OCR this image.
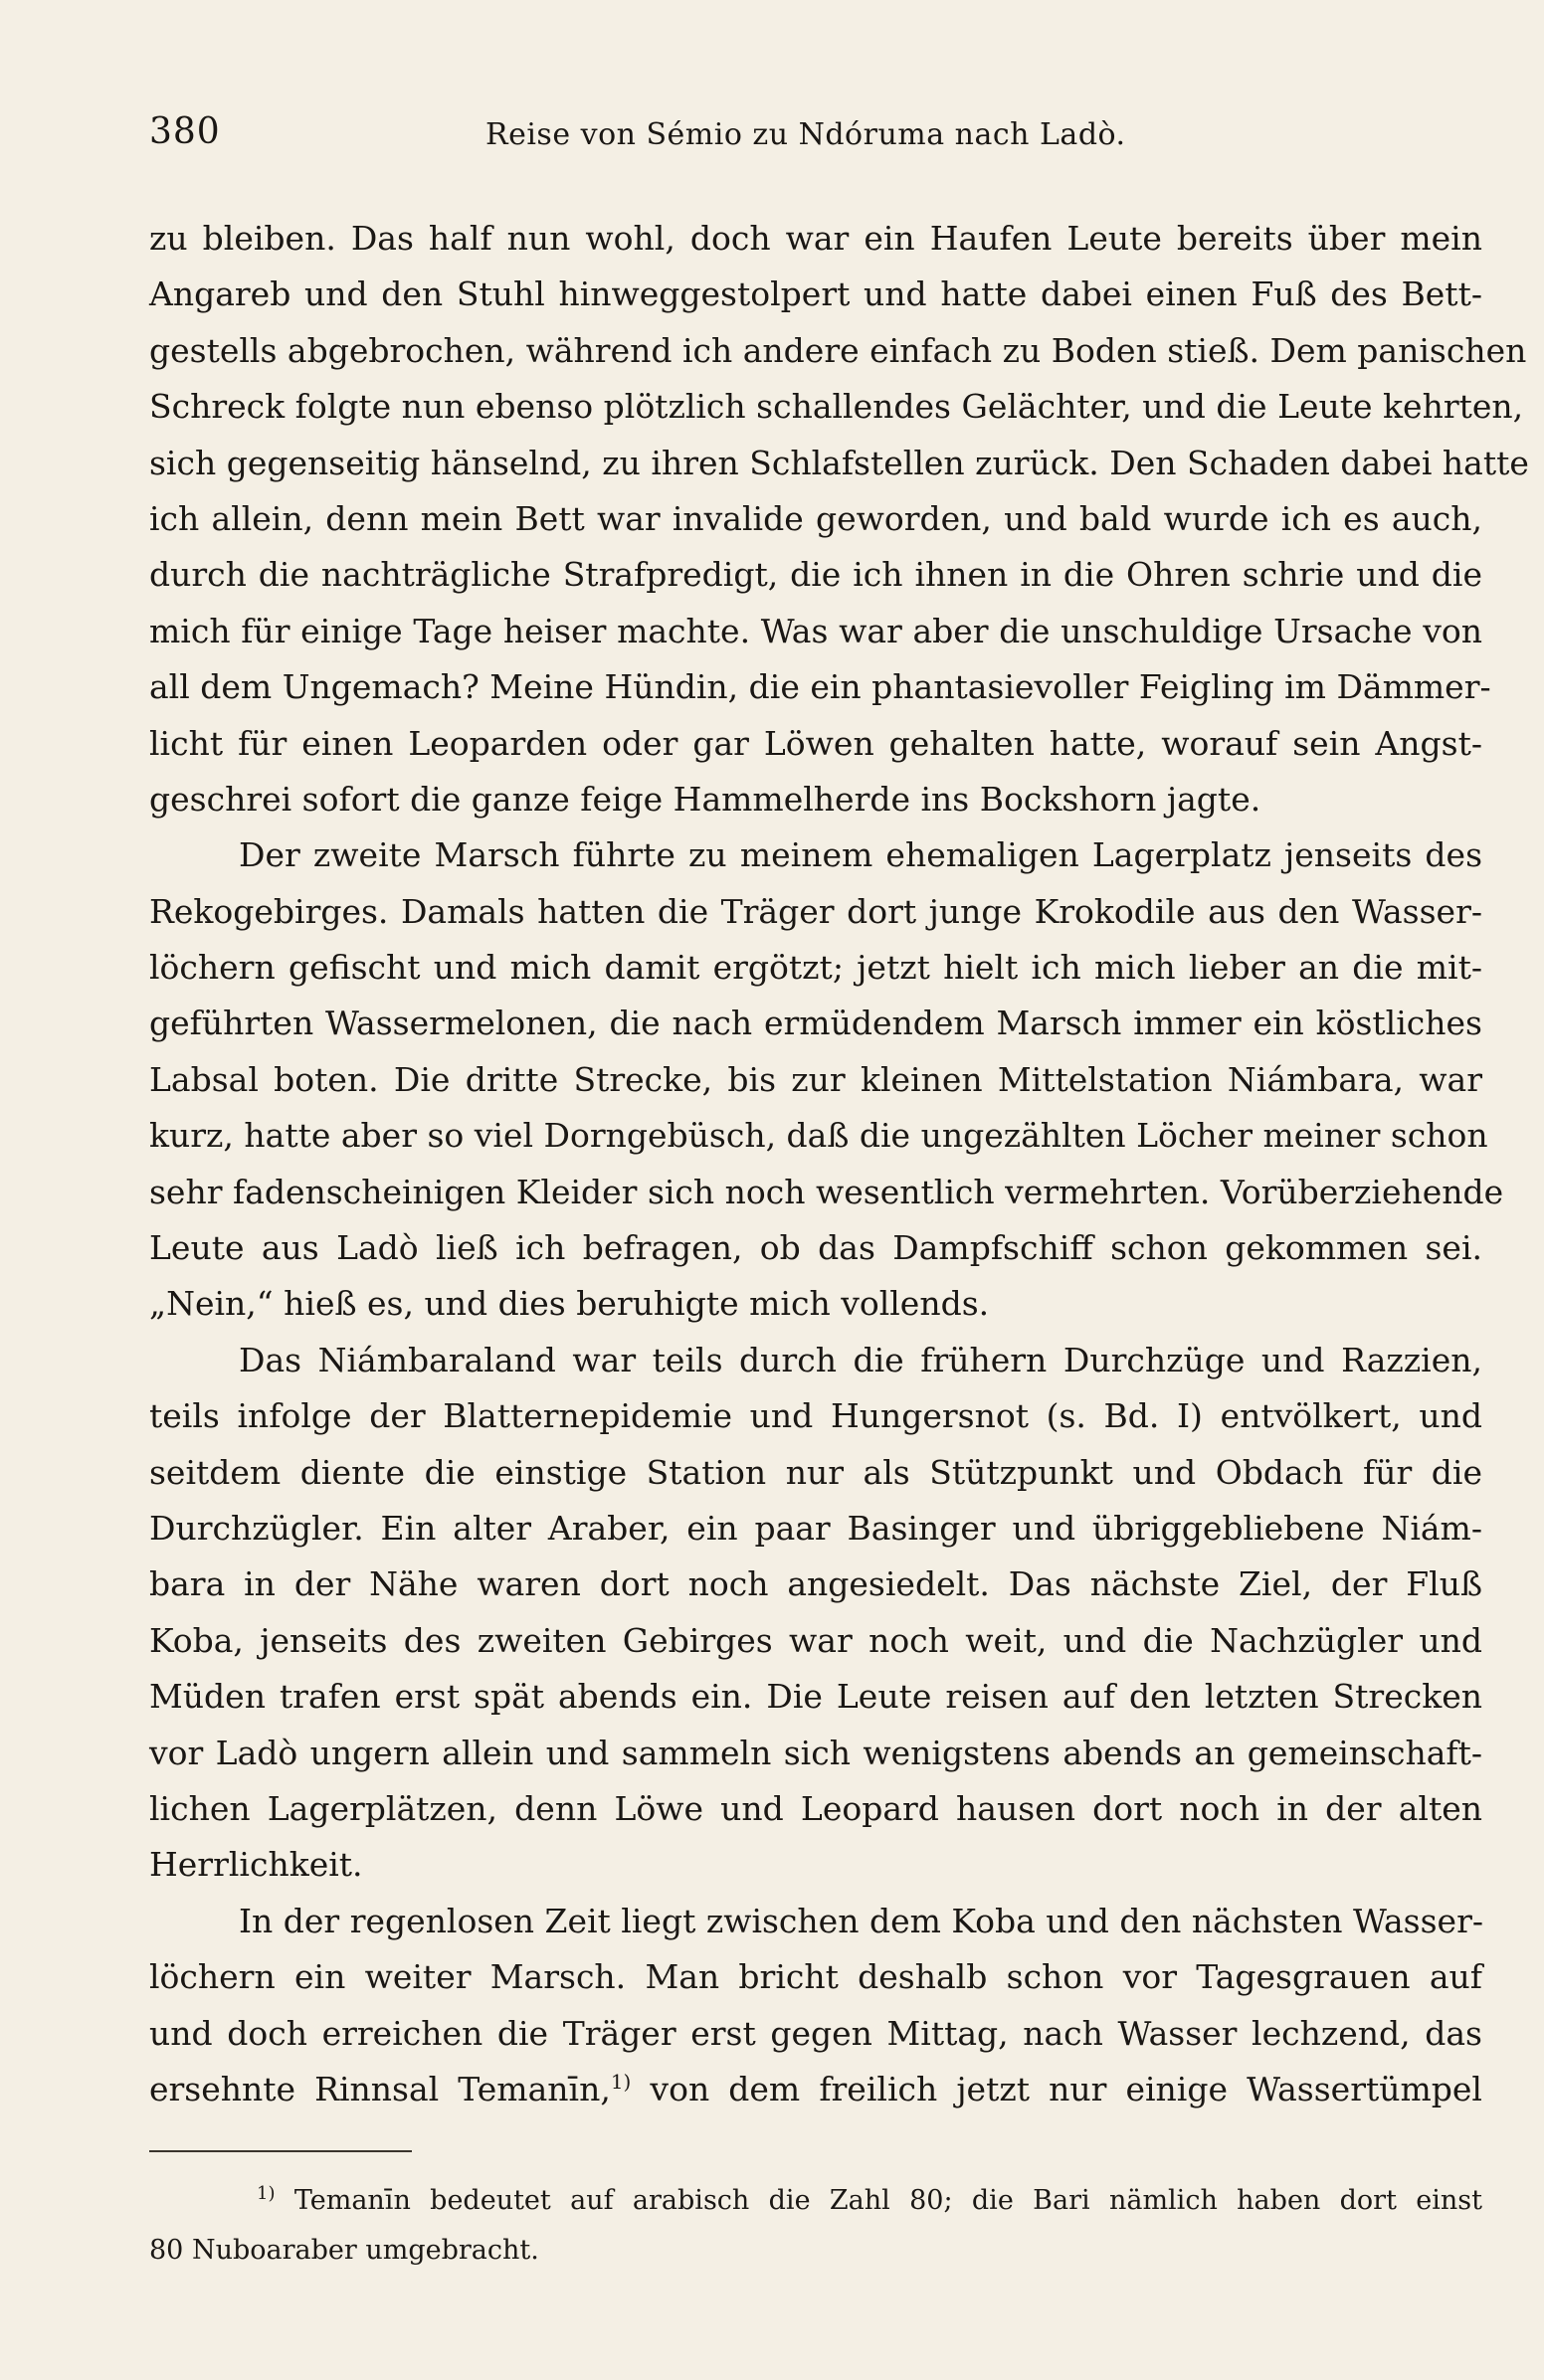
380	Reise von Sémio zu Ndóruma nach Ladò.
zu bleiben. Das half nun wohl, doch war ein Haufen Leute bereits über mein
Angareb und den Stuhl hinweggestolpert und hatte dabei einen Fuß des Bett-
gestells abgebrochen, während ich andere einfach zu Boden stieß. Dem panischen
Schreck folgte nun ebenso plötzlich schallendes Gelächter, und die Leute kehrten,
sich gegenseitig hänselnd, zu ihren Schlafstellen zurück. Den Schaden dabei hatte
ich allein, denn mein Bett war invalide geworden, und bald wurde ich es auch,
durch die nachträgliche Strafpredigt, die ich ihnen in die Ohren schrie und die
mich für einige Tage heiser machte. Was war aber die unschuldige Ursache von
all dem Ungemach? Meine Hündin, die ein phantasievoller Feigling im Dämmer-
licht für einen Leoparden oder gar Löwen gehalten hatte, worauf sein Angst-
geschrei sofort die ganze feige Hammelherde ins Bockshorn jagte.
Der zweite Marsch führte zu meinem ehemaligen Lagerplatz jenseits des
Rekogebirges. Damals hatten die Träger dort junge Krokodile aus den Wasser-
löchern gefischt und mich damit ergötzt; jetzt hielt ich mich lieber an die mit-
geführten Wassermelonen, die nach ermüdendem Marsch immer ein köstliches
Labsal boten. Die dritte Strecke, bis zur kleinen Mittelstation Niámbara, war
kurz, hatte aber so viel Dorngebüsch, daß die ungezählten Löcher meiner schon
sehr fadenscheinigen Kleider sich noch wesentlich vermehrten. Vorüberziehende
Leute aus Ladò ließ ich befragen, ob das Dampfschiff schon gekommen sei.
„Nein,“ hieß es, und dies beruhigte mich vollends.
Das Niámbaraland war teils durch die frühern Durchzüge und Razzien,
teils infolge der Blatternepidemie und Hungersnot (s. Bd. I) entvölkert, und
seitdem diente die einstige Station nur als Stützpunkt und Obdach für die
Durchzügler. Ein alter Araber, ein paar Basinger und übriggebliebene Niám-
bara in der Nähe waren dort noch angesiedelt. Das nächste Ziel, der Fluß
Koba, jenseits des zweiten Gebirges war noch weit, und die Nachzügler und
Müden trafen erst spät abends ein. Die Leute reisen auf den letzten Strecken
vor Ladò ungern allein und sammeln sich wenigstens abends an gemeinschaft-
lichen Lagerplätzen, denn Löwe und Leopard hausen dort noch in der alten
Herrlichkeit.
In der regenlosen Zeit liegt zwischen dem Koba und den nächsten Wasser-
löchern ein weiter Marsch. Man bricht deshalb schon vor Tagesgrauen auf
und doch erreichen die Träger erst gegen Mittag, nach Wasser lechzend, das
ersehnte Rinnsal Temanīn,$^{1)}$ von dem freilich jetzt nur einige Wassertümpel
$^{1)}$ Temanīn bedeutet auf arabisch die Zahl 80; die Bari nämlich haben dort einst
80 Nuboaraber umgebracht.
